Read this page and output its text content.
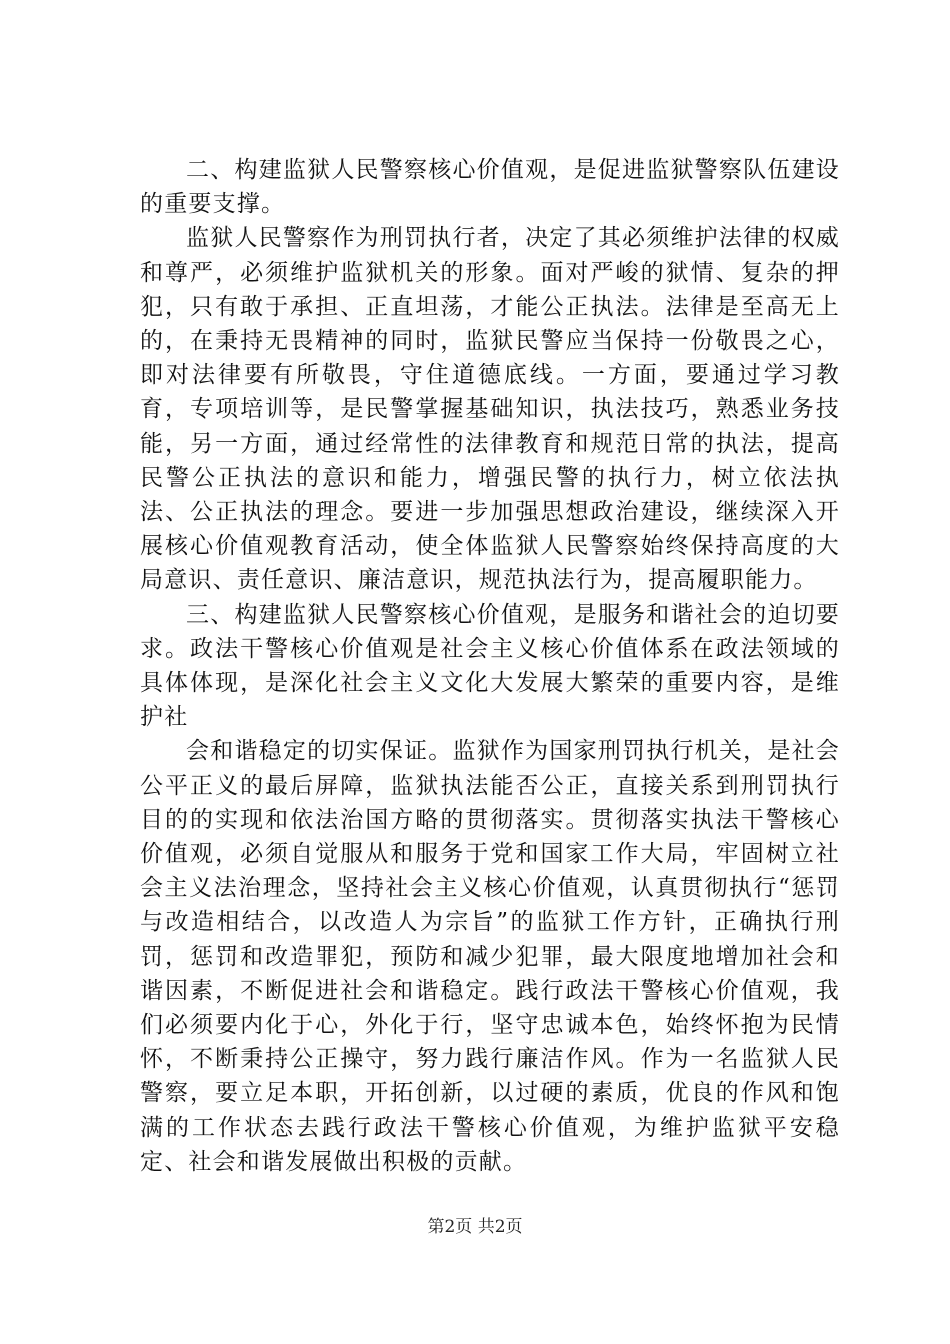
二、构建监狱人民警察核心价值观，是促进监狱警察队伍建设的重要支撑。

监狱人民警察作为刑罚执行者，决定了其必须维护法律的权威和尊严，必须维护监狱机关的形象。面对严峻的狱情、复杂的押犯，只有敢于承担、正直坦荡，才能公正执法。法律是至高无上的，在秉持无畏精神的同时，监狱民警应当保持一份敬畏之心，即对法律要有所敬畏，守住道德底线。一方面，要通过学习教育，专项培训等，是民警掌握基础知识，执法技巧，熟悉业务技能，另一方面，通过经常性的法律教育和规范日常的执法，提高民警公正执法的意识和能力，增强民警的执行力，树立依法执法、公正执法的理念。要进一步加强思想政治建设，继续深入开展核心价值观教育活动，使全体监狱人民警察始终保持高度的大局意识、责任意识、廉洁意识，规范执法行为，提高履职能力。

三、构建监狱人民警察核心价值观，是服务和谐社会的迫切要求。政法干警核心价值观是社会主义核心价值体系在政法领域的具体体现，是深化社会主义文化大发展大繁荣的重要内容，是维护社

会和谐稳定的切实保证。监狱作为国家刑罚执行机关，是社会公平正义的最后屏障，监狱执法能否公正，直接关系到刑罚执行目的的实现和依法治国方略的贯彻落实。贯彻落实执法干警核心价值观，必须自觉服从和服务于党和国家工作大局，牢固树立社会主义法治理念，坚持社会主义核心价值观，认真贯彻执行“惩罚与改造相结合，以改造人为宗旨”的监狱工作方针，正确执行刑罚，惩罚和改造罪犯，预防和减少犯罪，最大限度地增加社会和谐因素，不断促进社会和谐稳定。践行政法干警核心价值观，我们必须要内化于心，外化于行，坚守忠诚本色，始终怀抱为民情怀，不断秉持公正操守，努力践行廉洁作风。作为一名监狱人民警察，要立足本职，开拓创新，以过硬的素质，优良的作风和饱满的工作状态去践行政法干警核心价值观，为维护监狱平安稳定、社会和谐发展做出积极的贡献。

第2页 共2页
